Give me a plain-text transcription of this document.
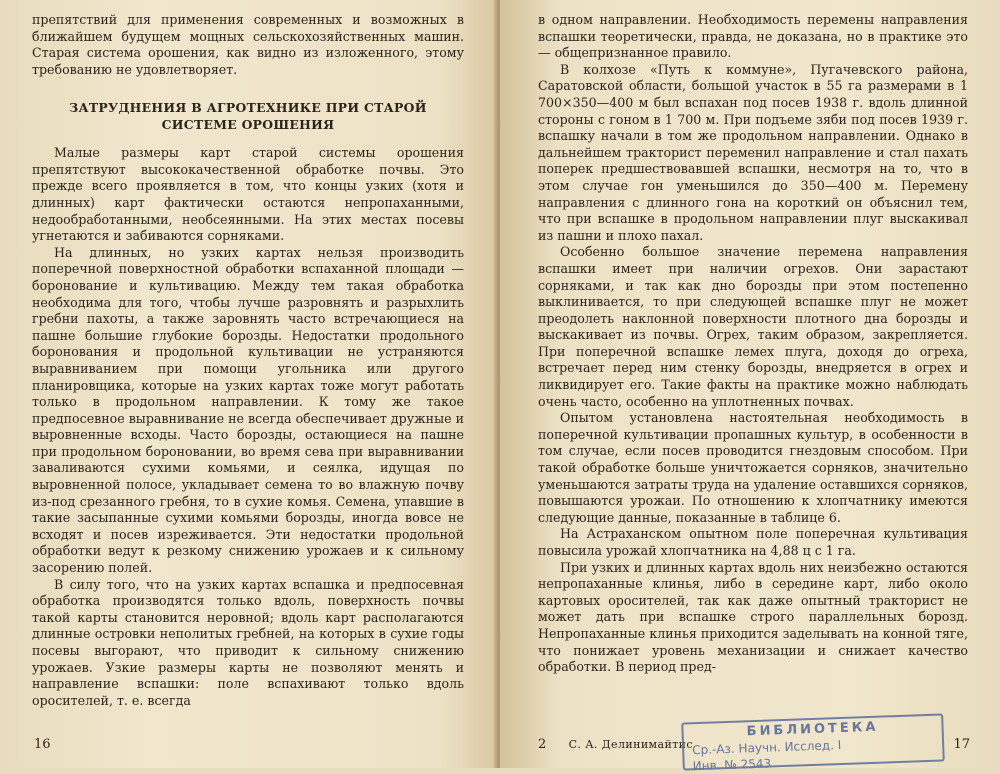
препятствий для применения современных и возможных в ближайшем будущем мощных сельскохозяйственных машин. Старая система орошения, как видно из изложенного, этому требованию не удовлетворяет.

ЗАТРУДНЕНИЯ В АГРОТЕХНИКЕ ПРИ СТАРОЙ СИСТЕМЕ ОРОШЕНИЯ

Малые размеры карт старой системы орошения препятствуют высококачественной обработке почвы. Это прежде всего проявляется в том, что концы узких (хотя и длинных) карт фактически остаются непропаханными, недообработанными, необсеянными. На этих местах посевы угнетаются и забиваются сорняками.

На длинных, но узких картах нельзя производить поперечной поверхностной обработки вспаханной площади — боронование и культивацию. Между тем такая обработка необходима для того, чтобы лучше разровнять и разрыхлить гребни пахоты, а также заровнять часто встречающиеся на пашне большие глубокие борозды. Недостатки продольного боронования и продольной культивации не устраняются выравниванием при помощи угольника или другого планировщика, которые на узких картах тоже могут работать только в продольном направлении. К тому же такое предпосевное выравнивание не всегда обеспечивает дружные и выровненные всходы. Часто борозды, остающиеся на пашне при продольном бороновании, во время сева при выравнивании заваливаются сухими комьями, и сеялка, идущая по выровненной полосе, укладывает семена то во влажную почву из-под срезанного гребня, то в сухие комья. Семена, упавшие в такие засыпанные сухими комьями борозды, иногда вовсе не всходят и посев изреживается. Эти недостатки продольной обработки ведут к резкому снижению урожаев и к сильному засорению полей.

В силу того, что на узких картах вспашка и предпосевная обработка производятся только вдоль, поверхность почвы такой карты становится неровной; вдоль карт располагаются длинные островки неполитых гребней, на которых в сухие годы посевы выгорают, что приводит к сильному снижению урожаев. Узкие размеры карты не позволяют менять и направление вспашки: поле вспахивают только вдоль оросителей, т. е. всегда

16

в одном направлении. Необходимость перемены направления вспашки теоретически, правда, не доказана, но в практике это — общепризнанное правило.

В колхозе «Путь к коммуне», Пугачевского района, Саратовской области, большой участок в 55 га размерами в 1 700×350—400 м был вспахан под посев 1938 г. вдоль длинной стороны с гоном в 1 700 м. При подъеме зяби под посев 1939 г. вспашку начали в том же продольном направлении. Однако в дальнейшем тракторист переменил направление и стал пахать поперек предшествовавшей вспашки, несмотря на то, что в этом случае гон уменьшился до 350—400 м. Перемену направления с длинного гона на короткий он объяснил тем, что при вспашке в продольном направлении плуг выскакивал из пашни и плохо пахал.

Особенно большое значение перемена направления вспашки имеет при наличии огрехов. Они зарастают сорняками, и так как дно борозды при этом постепенно выклинивается, то при следующей вспашке плуг не может преодолеть наклонной поверхности плотного дна борозды и выскакивает из почвы. Огрех, таким образом, закрепляется. При поперечной вспашке лемех плуга, доходя до огреха, встречает перед ним стенку борозды, внедряется в огрех и ликвидирует его. Такие факты на практике можно наблюдать очень часто, особенно на уплотненных почвах.

Опытом установлена настоятельная необходимость в поперечной культивации пропашных культур, в особенности в том случае, если посев проводится гнездовым способом. При такой обработке больше уничтожается сорняков, значительно уменьшаются затраты труда на удаление оставшихся сорняков, повышаются урожаи. По отношению к хлопчатнику имеются следующие данные, показанные в таблице 6.

На Астраханском опытном поле поперечная культивация повысила урожай хлопчатника на 4,88 ц с 1 га.

При узких и длинных картах вдоль них неизбежно остаются непропаханные клинья, либо в середине карт, либо около картовых оросителей, так как даже опытный тракторист не может дать при вспашке строго параллельных борозд. Непропаханные клинья приходится заделывать на конной тяге, что понижает уровень механизации и снижает качество обработки. В период пред-

2 С. А. Делинимайтис
БИБЛИОТЕКА
Ср.-Аз. Научн. Исслед. I
Инв. № 2543
17
